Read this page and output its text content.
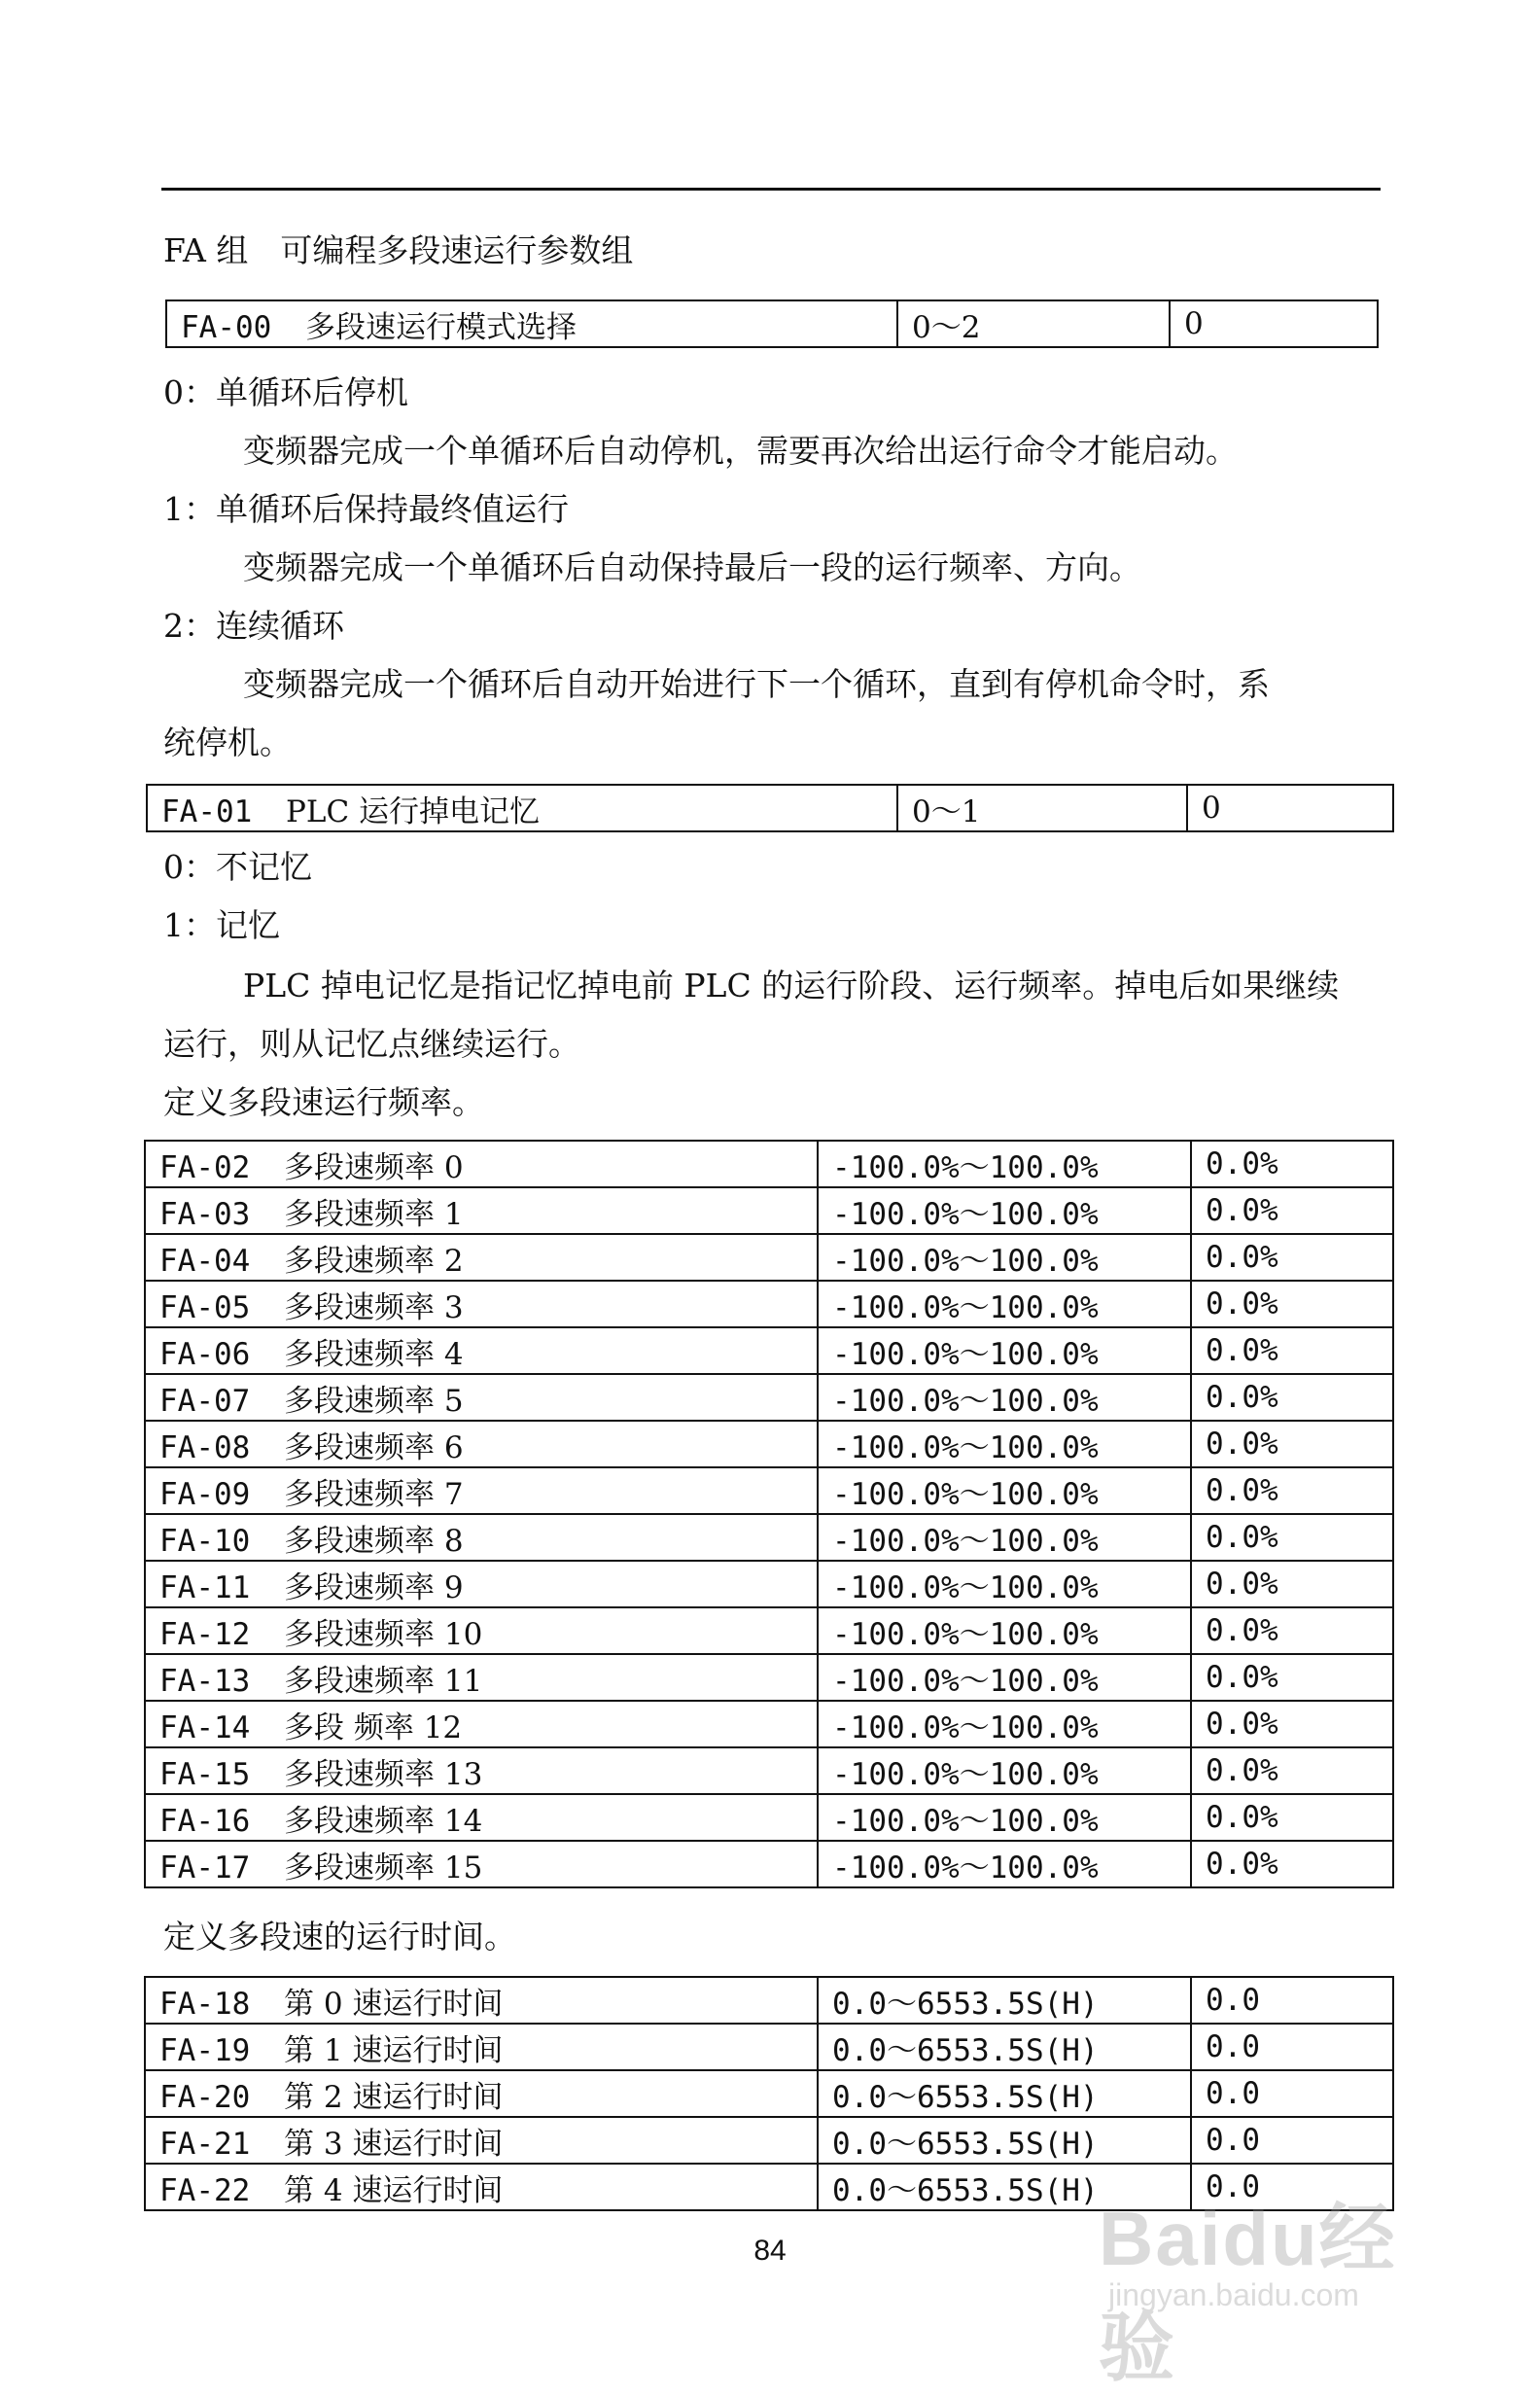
FA 组　可编程多段速运行参数组
FA-00 多段速运行模式选择	0～2	0
0：单循环后停机
变频器完成一个单循环后自动停机，需要再次给出运行命令才能启动。
1：单循环后保持最终值运行
变频器完成一个单循环后自动保持最后一段的运行频率、方向。
2：连续循环
变频器完成一个循环后自动开始进行下一个循环，直到有停机命令时，系
统停机。
FA-01 PLC 运行掉电记忆	0～1	0
0：不记忆
1：记忆
PLC 掉电记忆是指记忆掉电前 PLC 的运行阶段、运行频率。掉电后如果继续
运行，则从记忆点继续运行。
定义多段速运行频率。
FA-02 多段速频率 0	-100.0%～100.0%	0.0%
FA-03 多段速频率 1	-100.0%～100.0%	0.0%
FA-04 多段速频率 2	-100.0%～100.0%	0.0%
FA-05 多段速频率 3	-100.0%～100.0%	0.0%
FA-06 多段速频率 4	-100.0%～100.0%	0.0%
FA-07 多段速频率 5	-100.0%～100.0%	0.0%
FA-08 多段速频率 6	-100.0%～100.0%	0.0%
FA-09 多段速频率 7	-100.0%～100.0%	0.0%
FA-10 多段速频率 8	-100.0%～100.0%	0.0%
FA-11 多段速频率 9	-100.0%～100.0%	0.0%
FA-12 多段速频率 10	-100.0%～100.0%	0.0%
FA-13 多段速频率 11	-100.0%～100.0%	0.0%
FA-14 多段 频率 12	-100.0%～100.0%	0.0%
FA-15 多段速频率 13	-100.0%～100.0%	0.0%
FA-16 多段速频率 14	-100.0%～100.0%	0.0%
FA-17 多段速频率 15	-100.0%～100.0%	0.0%
定义多段速的运行时间。
FA-18 第 0 速运行时间	0.0～6553.5S(H)	0.0
FA-19 第 1 速运行时间	0.0～6553.5S(H)	0.0
FA-20 第 2 速运行时间	0.0～6553.5S(H)	0.0
FA-21 第 3 速运行时间	0.0～6553.5S(H)	0.0
FA-22 第 4 速运行时间	0.0～6553.5S(H)	0.0
84	Baidu经验
jingyan.baidu.com
